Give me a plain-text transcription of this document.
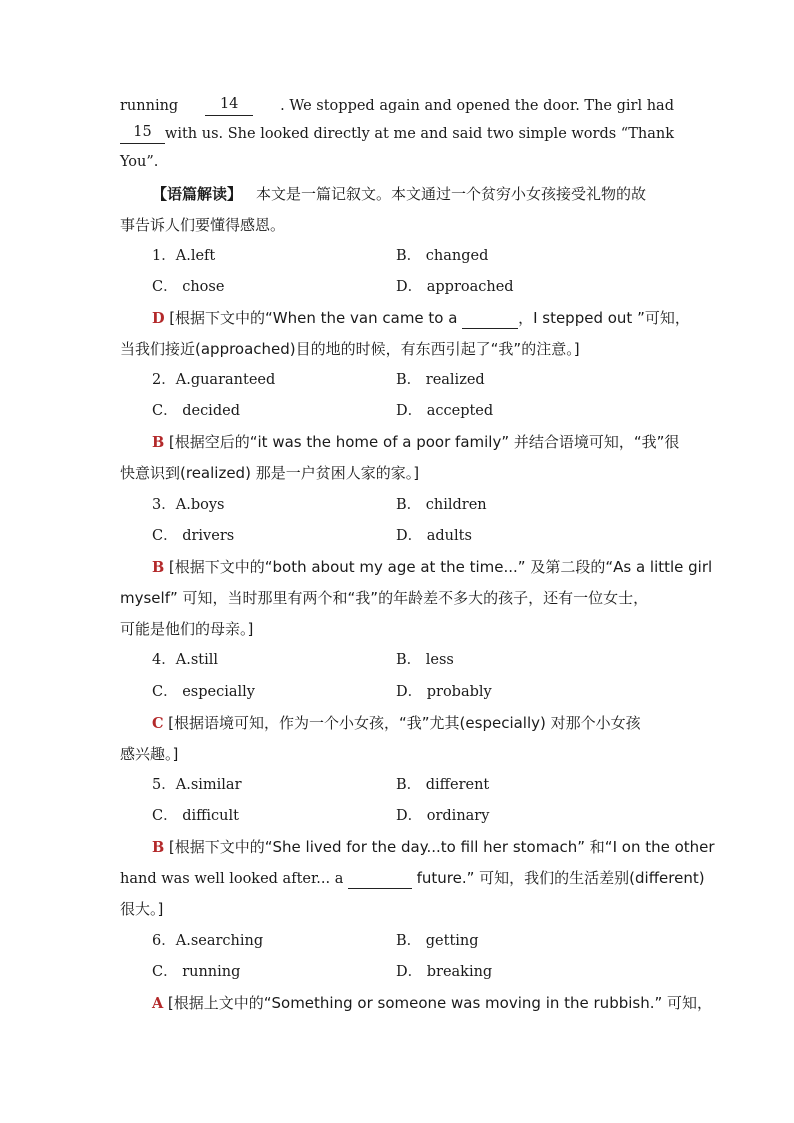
running	14	. We stopped again and opened the door. The girl had
15 with us. She looked directly at me and said two simple words “Thank
You”.
【语篇解读】 本文是一篇记叙文。本文通过一个贫穷小女孩接受礼物的故
事告诉人们要懂得感恩。
1．A.left	B． changed
C． chose	D． approached
D [根据下文中的“When the van came to a	，I stepped out ”可知，
当我们接近(approached)目的地的时候，有东西引起了“我”的注意。]
2．A.guaranteed	B． realized
C． decided	D． accepted
B [根据空后的“it was the home of a poor family” 并结合语境可知，“我”很
快意识到(realized) 那是一户贫困人家的家。]
3．A.boys	B． children
C． drivers	D． adults
B [根据下文中的“both about my age at the time...” 及第二段的“As a little girl
myself” 可知，当时那里有两个和“我”的年龄差不多大的孩子，还有一位女士，
可能是他们的母亲。]
4．A.still	B． less
C． especially	D． probably
C [根据语境可知，作为一个小女孩，“我”尤其(especially) 对那个小女孩
感兴趣。]
5．A.similar	B． different
C． difficult	D． ordinary
B [根据下文中的“She lived for the day...to fill her stomach” 和“I on the other
hand was well looked after... a	future.” 可知，我们的生活差别(different)
很大。]
6．A.searching	B． getting
C． running	D． breaking
A [根据上文中的“Something or someone was moving in the rubbish.” 可知，
